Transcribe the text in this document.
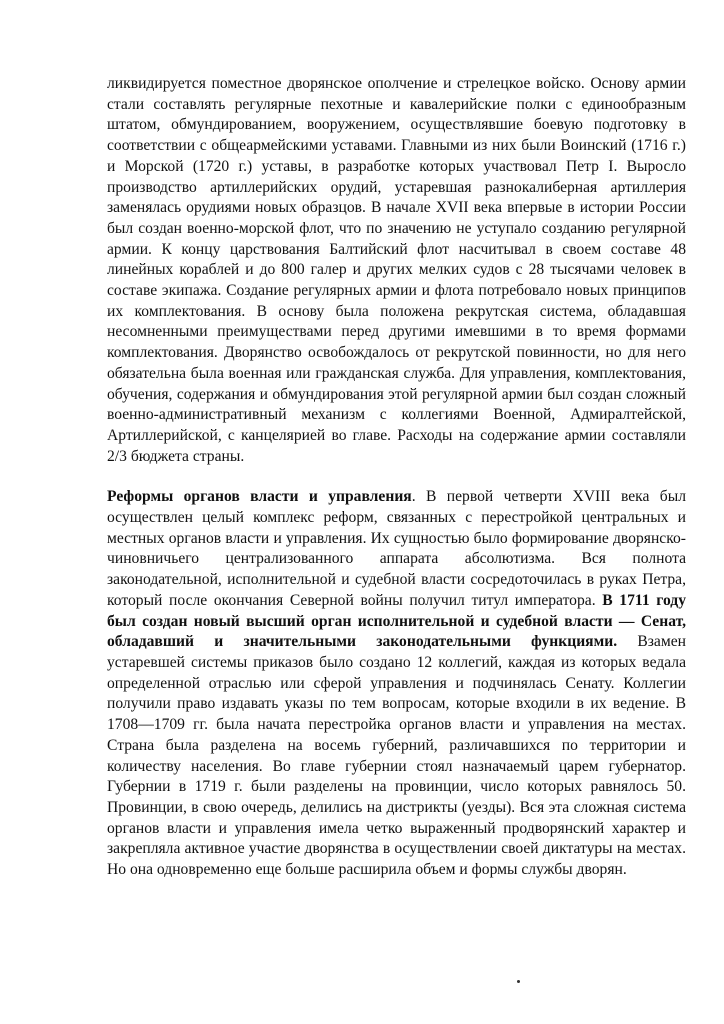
ликвидируется поместное дворянское ополчение и стрелецкое войско. Основу армии стали составлять регулярные пехотные и кавалерийские полки с единообразным штатом, обмундированием, вооружением, осуществлявшие боевую подготовку в соответствии с общеармейскими уставами. Главными из них были Воинский (1716 г.) и Морской (1720 г.) уставы, в разработке которых участвовал Петр I. Выросло производство артиллерийских орудий, устаревшая разнокалиберная артиллерия заменялась орудиями новых образцов. В начале XVII века впервые в истории России был создан военно-морской флот, что по значению не уступало созданию регулярной армии. К концу царствования Балтийский флот насчитывал в своем составе 48 линейных кораблей и до 800 галер и других мелких судов с 28 тысячами человек в составе экипажа. Создание регулярных армии и флота потребовало новых принципов их комплектования. В основу была положена рекрутская система, обладавшая несомненными преимуществами перед другими имевшими в то время формами комплектования. Дворянство освобождалось от рекрутской повинности, но для него обязательна была военная или гражданская служба. Для управления, комплектования, обучения, содержания и обмундирования этой регулярной армии был создан сложный военно-административный механизм с коллегиями Военной, Адмиралтейской, Артиллерийской, с канцелярией во главе. Расходы на содержание армии составляли 2/3 бюджета страны.

Реформы органов власти и управления. В первой четверти XVIII века был осуществлен целый комплекс реформ, связанных с перестройкой центральных и местных органов власти и управления. Их сущностью было формирование дворянско-чиновничьего централизованного аппарата абсолютизма. Вся полнота законодательной, исполнительной и судебной власти сосредоточилась в руках Петра, который после окончания Северной войны получил титул императора. В 1711 году был создан новый высший орган исполнительной и судебной власти — Сенат, обладавший и значительными законодательными функциями. Взамен устаревшей системы приказов было создано 12 коллегий, каждая из которых ведала определенной отраслью или сферой управления и подчинялась Сенату. Коллегии получили право издавать указы по тем вопросам, которые входили в их ведение. В 1708—1709 гг. была начата перестройка органов власти и управления на местах. Страна была разделена на восемь губерний, различавшихся по территории и количеству населения. Во главе губернии стоял назначаемый царем губернатор. Губернии в 1719 г. были разделены на провинции, число которых равнялось 50. Провинции, в свою очередь, делились на дистрикты (уезды). Вся эта сложная система органов власти и управления имела четко выраженный продворянский характер и закрепляла активное участие дворянства в осуществлении своей диктатуры на местах. Но она одновременно еще больше расширила объем и формы службы дворян.
